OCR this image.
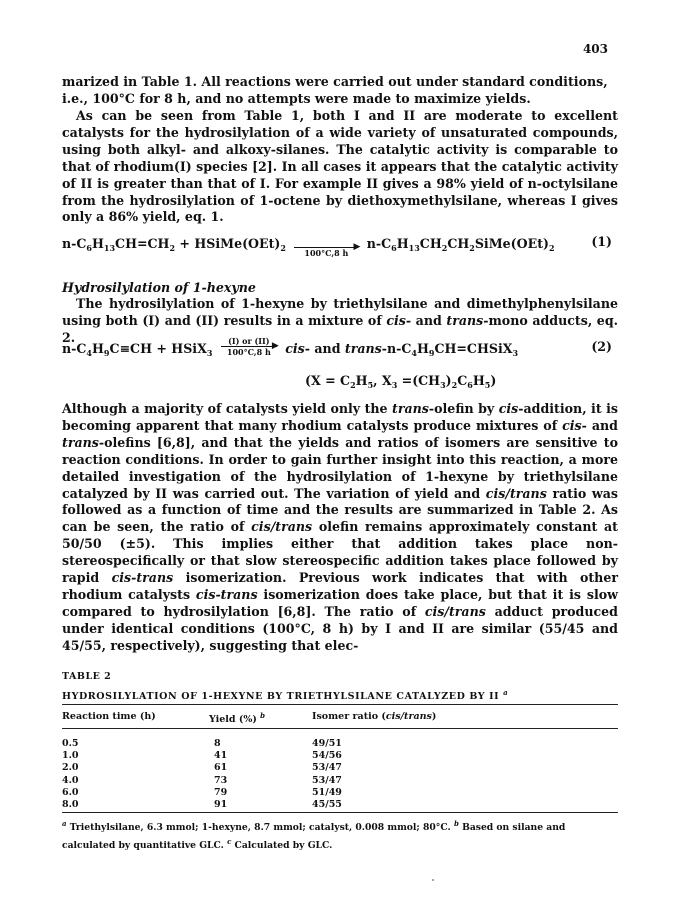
403
marized in Table 1. All reactions were carried out under standard conditions,
i.e., 100°C for 8 h, and no attempts were made to maximize yields.
As can be seen from Table 1, both I and II are moderate to excellent catalysts for the hydrosilylation of a wide variety of unsaturated compounds, using both alkyl- and alkoxy-silanes. The catalytic activity is comparable to that of rhodium(I) species [2]. In all cases it appears that the catalytic activity of II is greater than that of I. For example II gives a 98% yield of n-octylsilane from the hydrosilylation of 1-octene by diethoxymethylsilane, whereas I gives only a 86% yield, eq. 1.
$n-C_6H_{13}CH=CH_2$ + $HSiMe(OEt)_2$
	▶
100°C,8 h
$n-C_6H_{13}CH_2CH_2SiMe(OEt)_2$	(1)
Hydrosilylation of 1-hexyne
The hydrosilylation of 1-hexyne by triethylsilane and dimethylphenylsilane using both (I) and (II) results in a mixture of cis- and trans-mono adducts, eq. 2.
$n-C_4H_9C\equiv CH$ + HSiX$_3$
(I) or (II) ▶
100°C,8 h	cis- and trans-$n-C_4H_9CH=CHSiX_3$	(2)
($X = C_2H_5$, $X_3 =(CH_3)_2C_6H_5$)
Although a majority of catalysts yield only the trans-olefin by cis-addition, it is becoming apparent that many rhodium catalysts produce mixtures of cis- and trans-olefins [6,8], and that the yields and ratios of isomers are sensitive to reaction conditions. In order to gain further insight into this reaction, a more detailed investigation of the hydrosilylation of 1-hexyne by triethylsilane catalyzed by II was carried out. The variation of yield and cis/trans ratio was followed as a function of time and the results are summarized in Table 2. As can be seen, the ratio of cis/trans olefin remains approximately constant at 50/50 (±5). This implies either that addition takes place non-stereospecifically or that slow stereospecific addition takes place followed by rapid cis-trans isomerization. Previous work indicates that with other rhodium catalysts cis-trans isomerization does take place, but that it is slow compared to hydrosilylation [6,8]. The ratio of cis/trans adduct produced under identical conditions (100°C, 8 h) by I and II are similar (55/45 and 45/55, respectively), suggesting that elec-
TABLE 2
HYDROSILYLATION OF 1-HEXYNE BY TRIETHYLSILANE CATALYZED BY II $^a$
Reaction time (h)	Yield (%) $^b$	Isomer ratio (cis/trans)
0.5	8	49/51
1.0	41	54/56
2.0	61	53/47
4.0	73	53/47
6.0	79	51/49
8.0	91	45/55
$^a$ Triethylsilane, 6.3 mmol; 1-hexyne, 8.7 mmol; catalyst, 0.008 mmol; 80°C. $^b$ Based on silane and calculated by quantitative GLC. $^c$ Calculated by GLC.
